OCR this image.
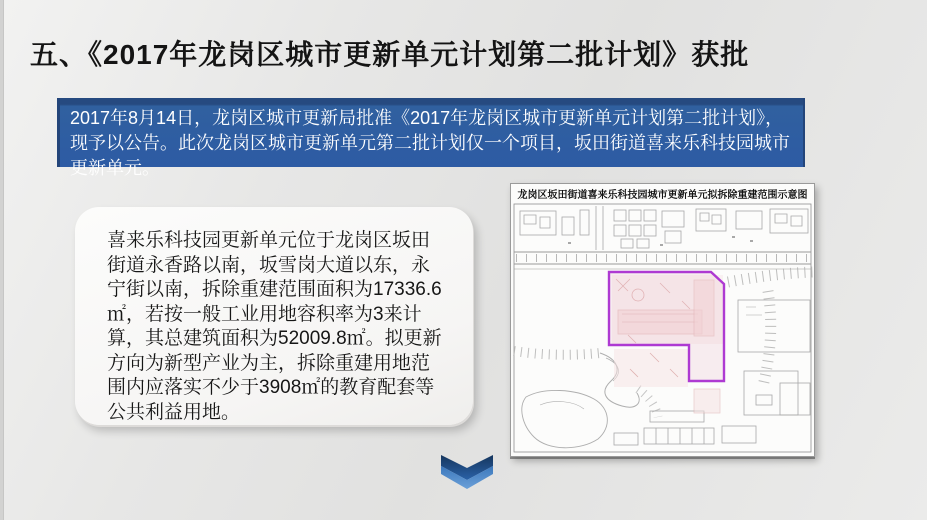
五、《2017年龙岗区城市更新单元计划第二批计划》获批
2017年8月14日，龙岗区城市更新局批准《2017年龙岗区城市更新单元计划第二批计划》，现予以公告。此次龙岗区城市更新单元第二批计划仅一个项目，坂田街道喜来乐科技园城市更新单元。
喜来乐科技园更新单元位于龙岗区坂田街道永香路以南，坂雪岗大道以东，永宁街以南，拆除重建范围面积为17336.6㎡，若按一般工业用地容积率为3来计算，其总建筑面积为52009.8㎡。拟更新方向为新型产业为主，拆除重建用地范围内应落实不少于3908㎡的教育配套等公共利益用地。
龙岗区坂田街道喜来乐科技园城市更新单元拟拆除重建范围示意图
